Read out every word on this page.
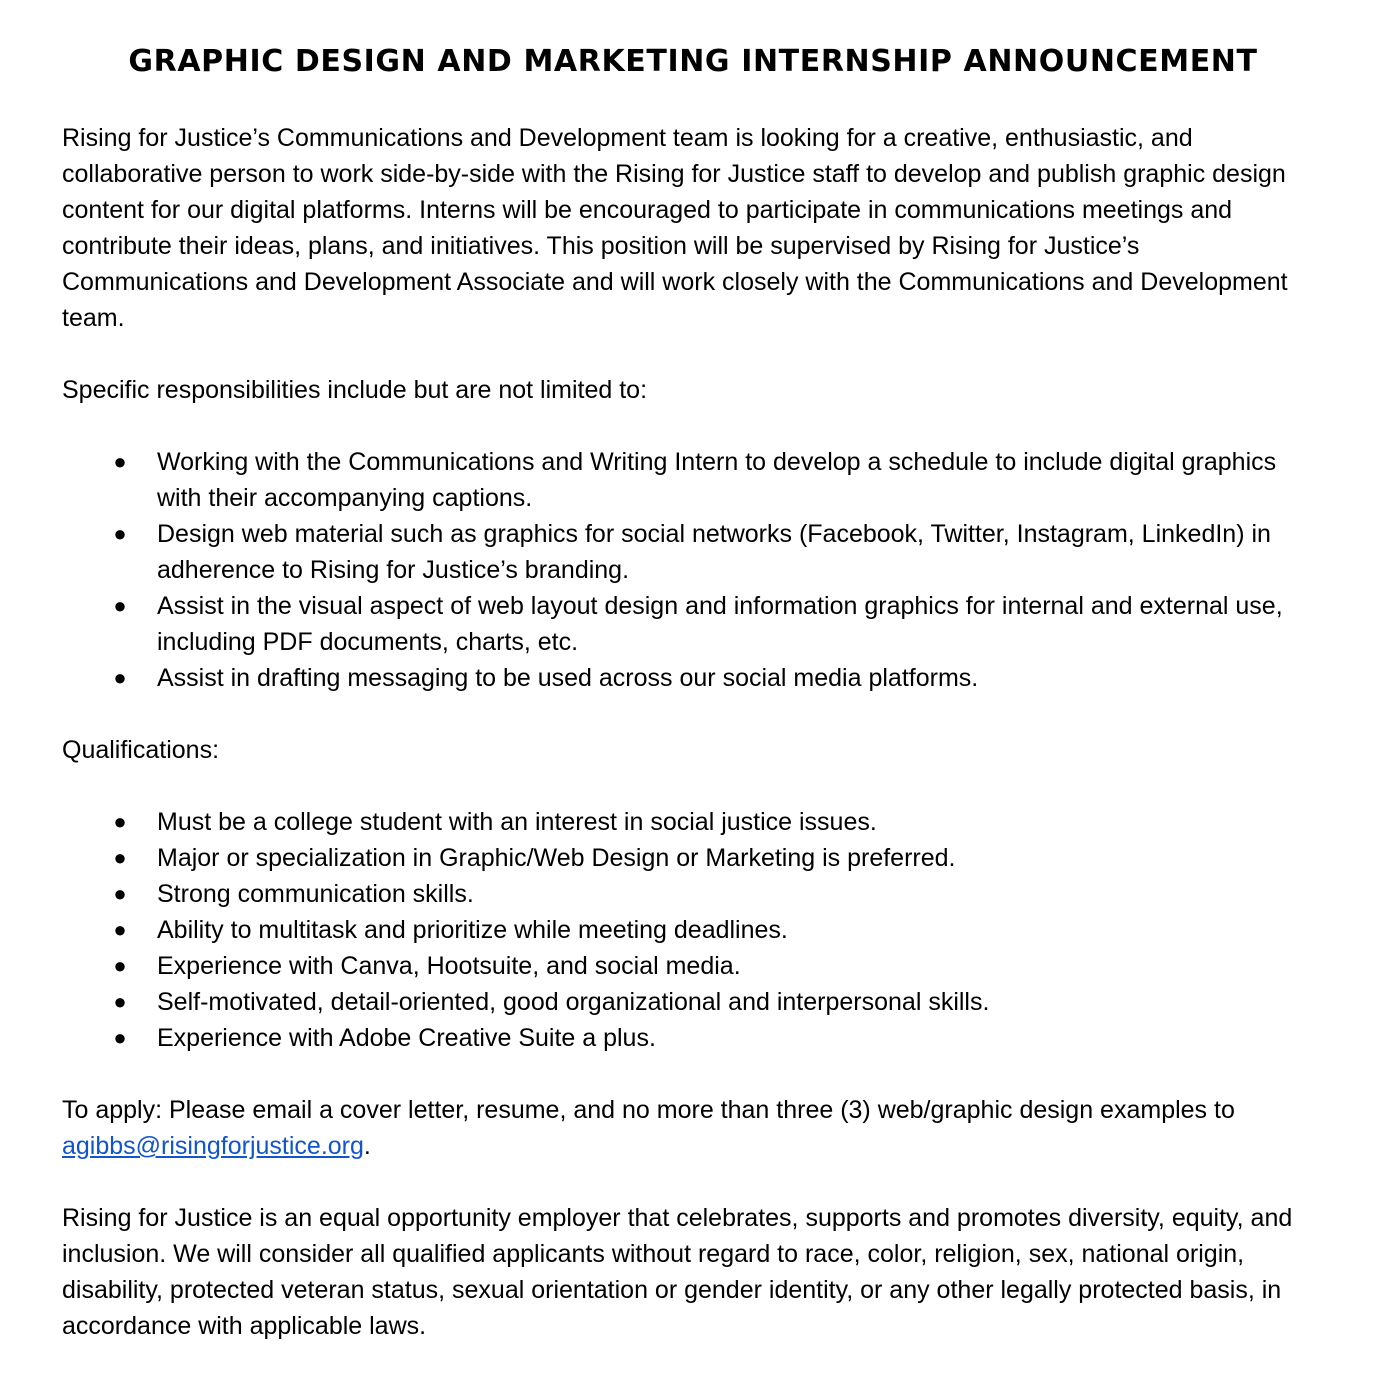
GRAPHIC DESIGN AND MARKETING INTERNSHIP ANNOUNCEMENT

Rising for Justice’s Communications and Development team is looking for a creative, enthusiastic, and collaborative person to work side-by-side with the Rising for Justice staff to develop and publish graphic design content for our digital platforms. Interns will be encouraged to participate in communications meetings and contribute their ideas, plans, and initiatives. This position will be supervised by Rising for Justice’s Communications and Development Associate and will work closely with the Communications and Development team.

Specific responsibilities include but are not limited to:

● Working with the Communications and Writing Intern to develop a schedule to include digital graphics with their accompanying captions.
● Design web material such as graphics for social networks (Facebook, Twitter, Instagram, LinkedIn) in adherence to Rising for Justice’s branding.
● Assist in the visual aspect of web layout design and information graphics for internal and external use, including PDF documents, charts, etc.
● Assist in drafting messaging to be used across our social media platforms.

Qualifications:

● Must be a college student with an interest in social justice issues.
● Major or specialization in Graphic/Web Design or Marketing is preferred.
● Strong communication skills.
● Ability to multitask and prioritize while meeting deadlines.
● Experience with Canva, Hootsuite, and social media.
● Self-motivated, detail-oriented, good organizational and interpersonal skills.
● Experience with Adobe Creative Suite a plus.

To apply: Please email a cover letter, resume, and no more than three (3) web/graphic design examples to agibbs@risingforjustice.org.

Rising for Justice is an equal opportunity employer that celebrates, supports and promotes diversity, equity, and inclusion. We will consider all qualified applicants without regard to race, color, religion, sex, national origin, disability, protected veteran status, sexual orientation or gender identity, or any other legally protected basis, in accordance with applicable laws.
